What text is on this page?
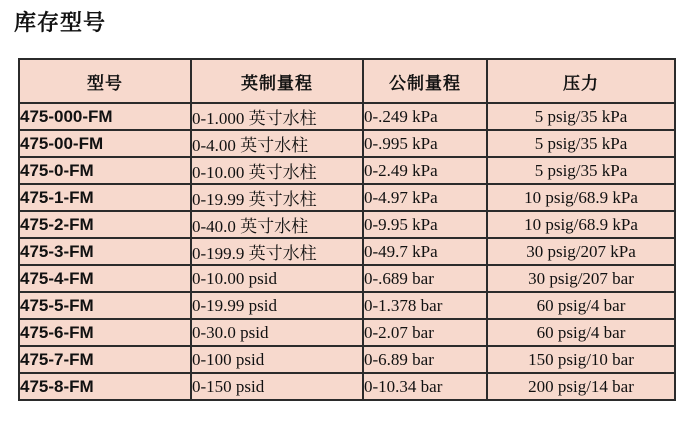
库存型号
型号	英制量程	公制量程	压力
475-000-FM	0-1.000 英寸水柱	0-.249 kPa	5 psig/35 kPa
475-00-FM	0-4.00 英寸水柱	0-.995 kPa	5 psig/35 kPa
475-0-FM	0-10.00 英寸水柱	0-2.49 kPa	5 psig/35 kPa
475-1-FM	0-19.99 英寸水柱	0-4.97 kPa	10 psig/68.9 kPa
475-2-FM	0-40.0 英寸水柱	0-9.95 kPa	10 psig/68.9 kPa
475-3-FM	0-199.9 英寸水柱	0-49.7 kPa	30 psig/207 kPa
475-4-FM	0-10.00 psid	0-.689 bar	30 psig/207 bar
475-5-FM	0-19.99 psid	0-1.378 bar	60 psig/4 bar
475-6-FM	0-30.0 psid	0-2.07 bar	60 psig/4 bar
475-7-FM	0-100 psid	0-6.89 bar	150 psig/10 bar
475-8-FM	0-150 psid	0-10.34 bar	200 psig/14 bar
